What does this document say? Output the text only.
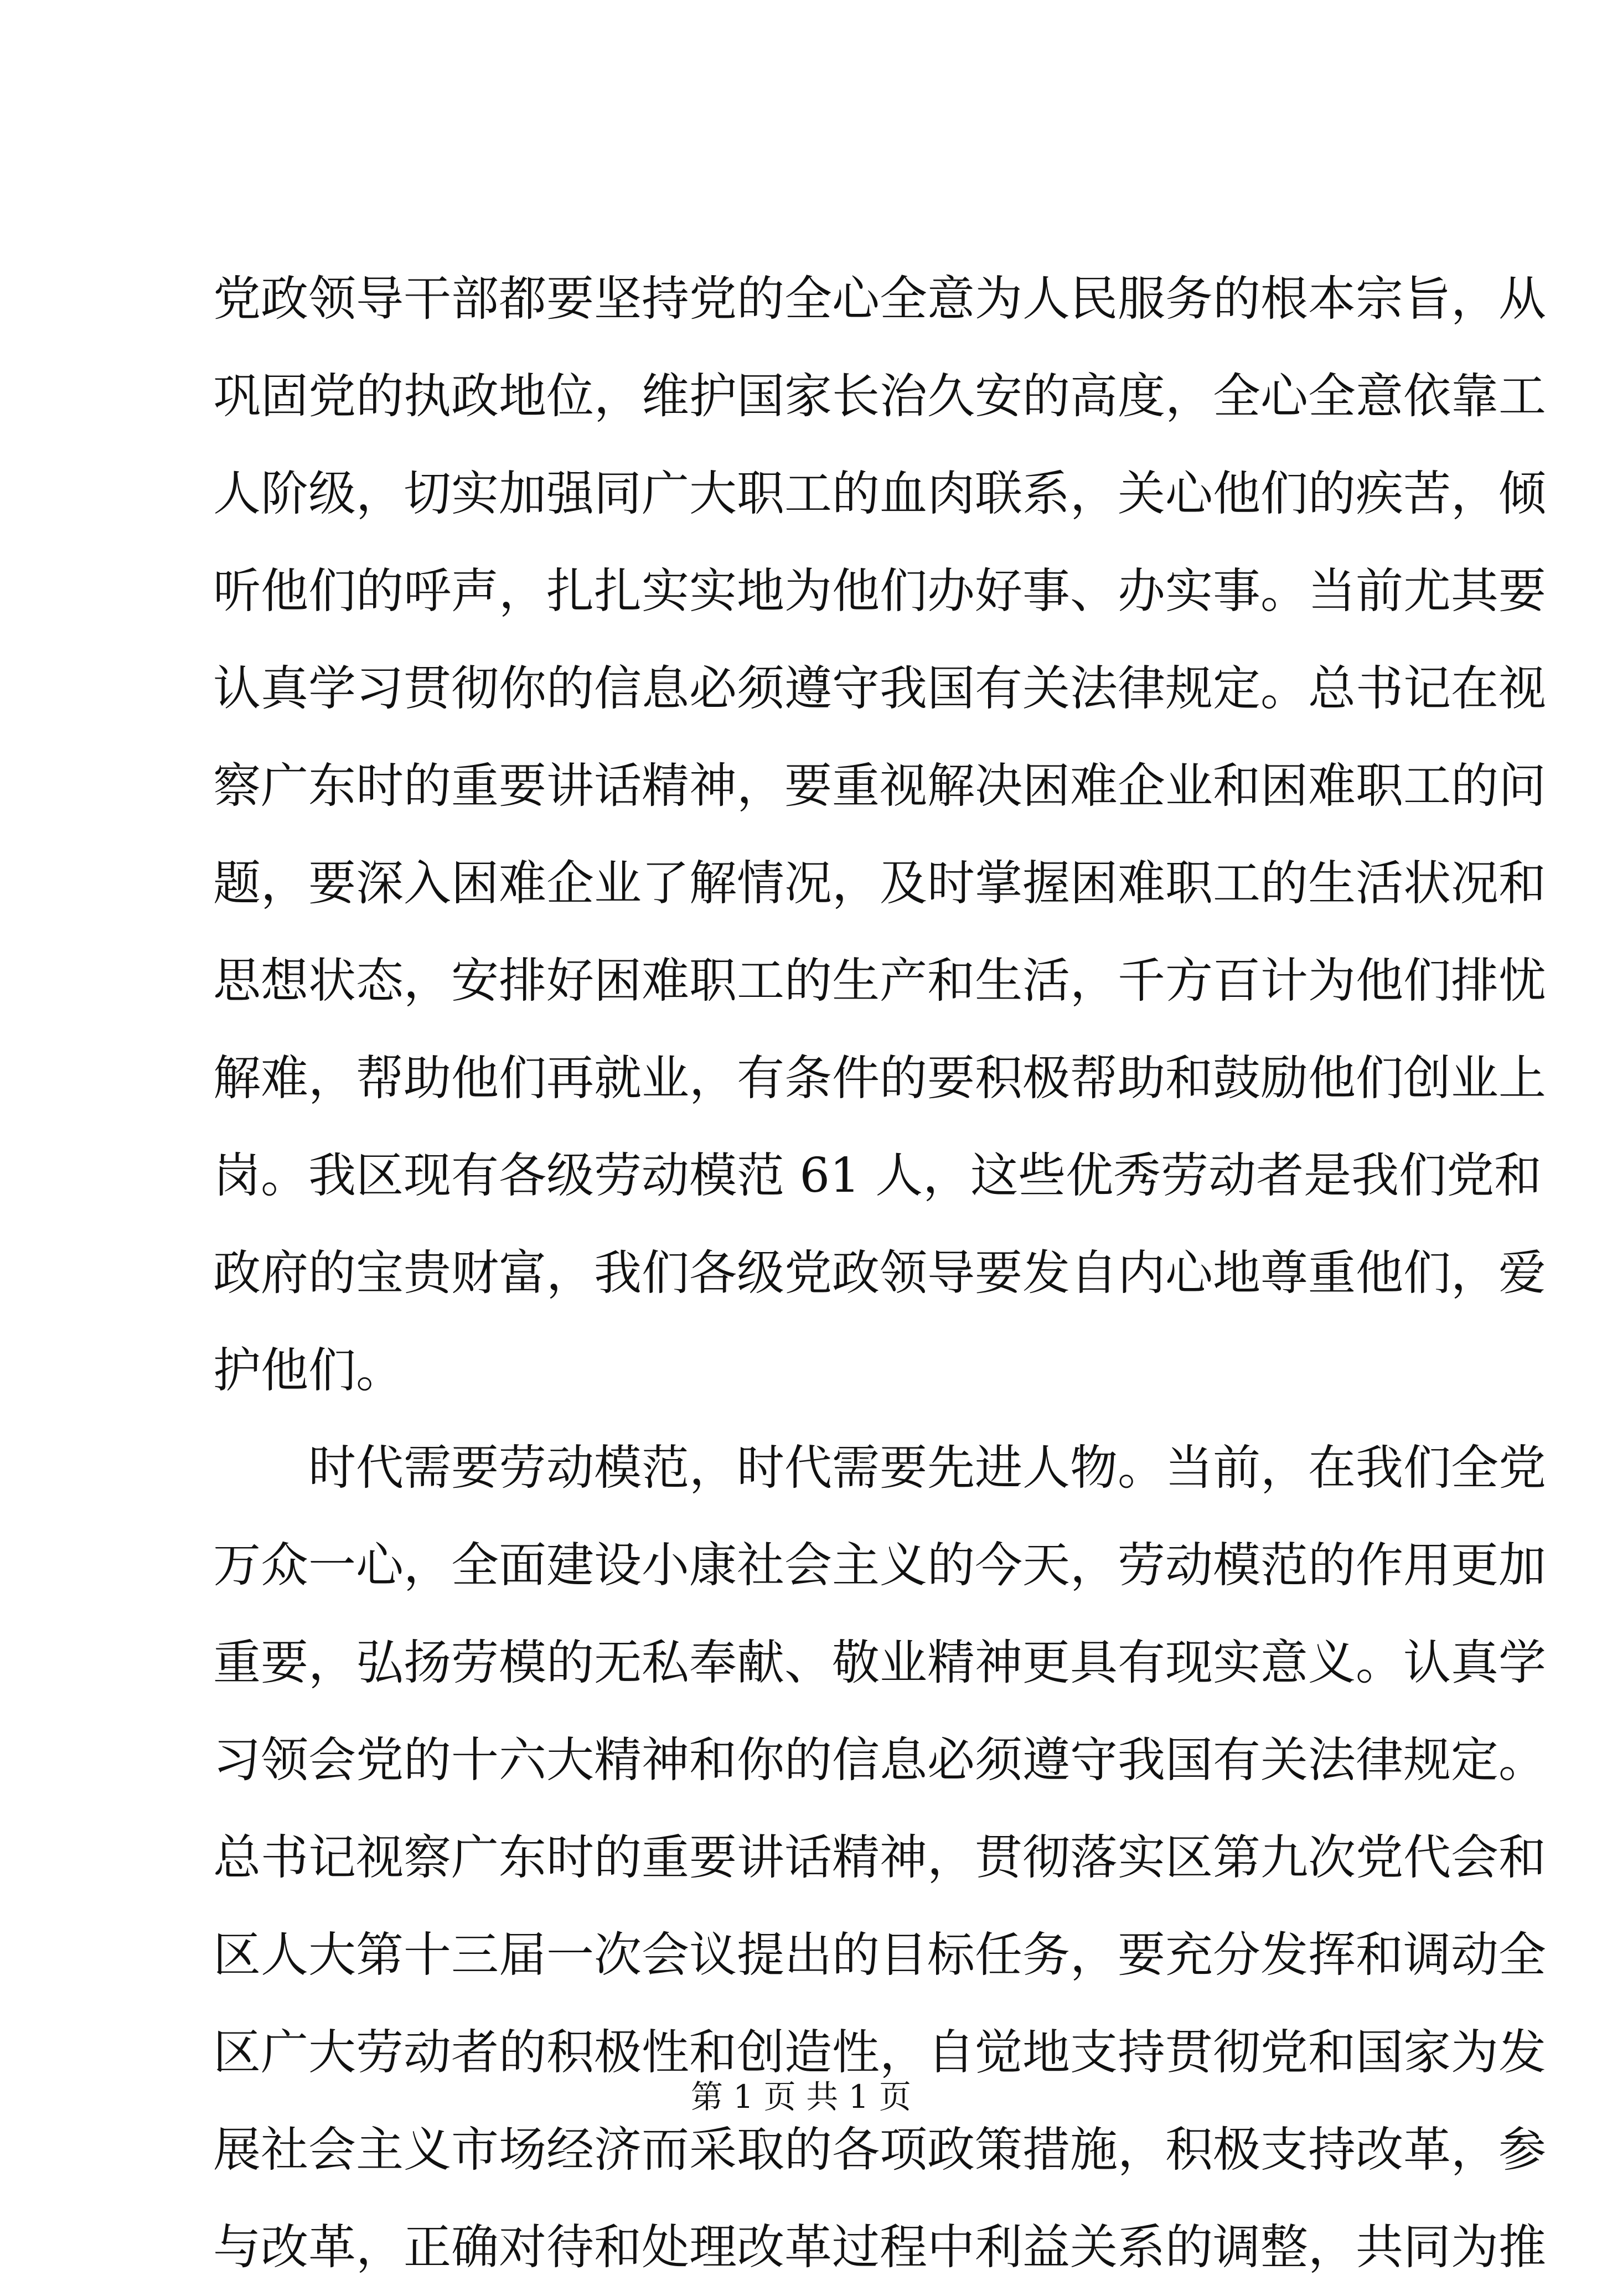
党政领导干部都要坚持党的全心全意为人民服务的根本宗旨，从
巩固党的执政地位，维护国家长治久安的高度，全心全意依靠工
人阶级，切实加强同广大职工的血肉联系，关心他们的疾苦，倾
听他们的呼声，扎扎实实地为他们办好事、办实事。当前尤其要
认真学习贯彻你的信息必须遵守我国有关法律规定。总书记在视
察广东时的重要讲话精神，要重视解决困难企业和困难职工的问
题，要深入困难企业了解情况，及时掌握困难职工的生活状况和
思想状态，安排好困难职工的生产和生活，千方百计为他们排忧
解难，帮助他们再就业，有条件的要积极帮助和鼓励他们创业上
岗。我区现有各级劳动模范 61 人，这些优秀劳动者是我们党和
政府的宝贵财富，我们各级党政领导要发自内心地尊重他们，爱
护他们。
时代需要劳动模范，时代需要先进人物。当前，在我们全党
万众一心，全面建设小康社会主义的今天，劳动模范的作用更加
重要，弘扬劳模的无私奉献、敬业精神更具有现实意义。认真学
习领会党的十六大精神和你的信息必须遵守我国有关法律规定。
总书记视察广东时的重要讲话精神，贯彻落实区第九次党代会和
区人大第十三届一次会议提出的目标任务，要充分发挥和调动全
区广大劳动者的积极性和创造性，自觉地支持贯彻党和国家为发
展社会主义市场经济而采取的各项政策措施，积极支持改革，参
与改革，正确对待和处理改革过程中利益关系的调整，共同为推
第 1 页 共 1 页
